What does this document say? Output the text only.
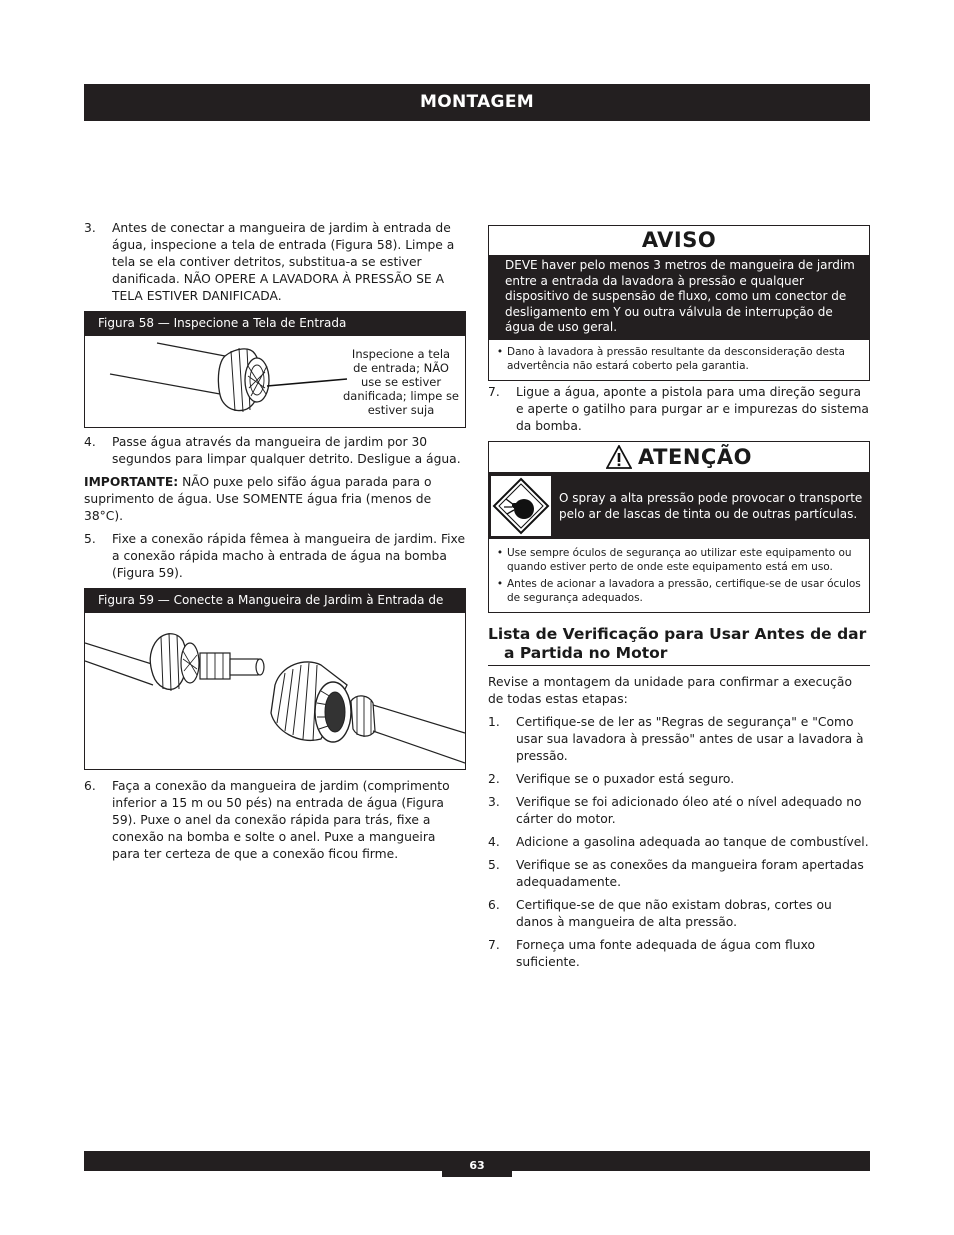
MONTAGEM
3.	Antes de conectar a mangueira de jardim à entrada de água, inspecione a tela de entrada (Figura 58). Limpe a tela se ela contiver detritos, substitua-a se estiver danificada. NÃO OPERE A LAVADORA À PRESSÃO SE A TELA ESTIVER DANIFICADA.
Figura 58 — Inspecione a Tela de Entrada
Inspecione a tela de entrada; NÃO use se estiver danificada; limpe se estiver suja
4.	Passe água através da mangueira de jardim por 30 segundos para limpar qualquer detrito. Desligue a água.

IMPORTANTE: NÃO puxe pelo sifão água parada para o suprimento de água. Use SOMENTE água fria (menos de 38°C).

5.	Fixe a conexão rápida fêmea à mangueira de jardim. Fixe a conexão rápida macho à entrada de água na bomba (Figura 59).
Figura 59 — Conecte a Mangueira de Jardim à Entrada de
6.	Faça a conexão da mangueira de jardim (comprimento inferior a 15 m ou 50 pés) na entrada de água (Figura 59). Puxe o anel da conexão rápida para trás, fixe a conexão na bomba e solte o anel. Puxe a mangueira para ter certeza de que a conexão ficou firme.
AVISO
DEVE haver pelo menos 3 metros de mangueira de jardim entre a entrada da lavadora à pressão e qualquer dispositivo de suspensão de fluxo, como um conector de desligamento em Y ou outra válvula de interrupção de água de uso geral.
• Dano à lavadora à pressão resultante da desconsideração desta advertência não estará coberto pela garantia.
7.	Ligue a água, aponte a pistola para uma direção segura e aperte o gatilho para purgar ar e impurezas do sistema da bomba.
ATENÇÃO
O spray a alta pressão pode provocar o transporte pelo ar de lascas de tinta ou de outras partículas.
• Use sempre óculos de segurança ao utilizar este equipamento ou quando estiver perto de onde este equipamento está em uso.
• Antes de acionar a lavadora a pressão, certifique-se de usar óculos de segurança adequados.
Lista de Verificação para Usar Antes de dar
a Partida no Motor

Revise a montagem da unidade para confirmar a execução de todas estas etapas:

1.	Certifique-se de ler as "Regras de segurança" e "Como usar sua lavadora à pressão" antes de usar a lavadora à pressão.
2.	Verifique se o puxador está seguro.
3.	Verifique se foi adicionado óleo até o nível adequado no cárter do motor.
4.	Adicione a gasolina adequada ao tanque de combustível.
5.	Verifique se as conexões da mangueira foram apertadas adequadamente.
6.	Certifique-se de que não existam dobras, cortes ou danos à mangueira de alta pressão.
7.	Forneça uma fonte adequada de água com fluxo suficiente.
63
